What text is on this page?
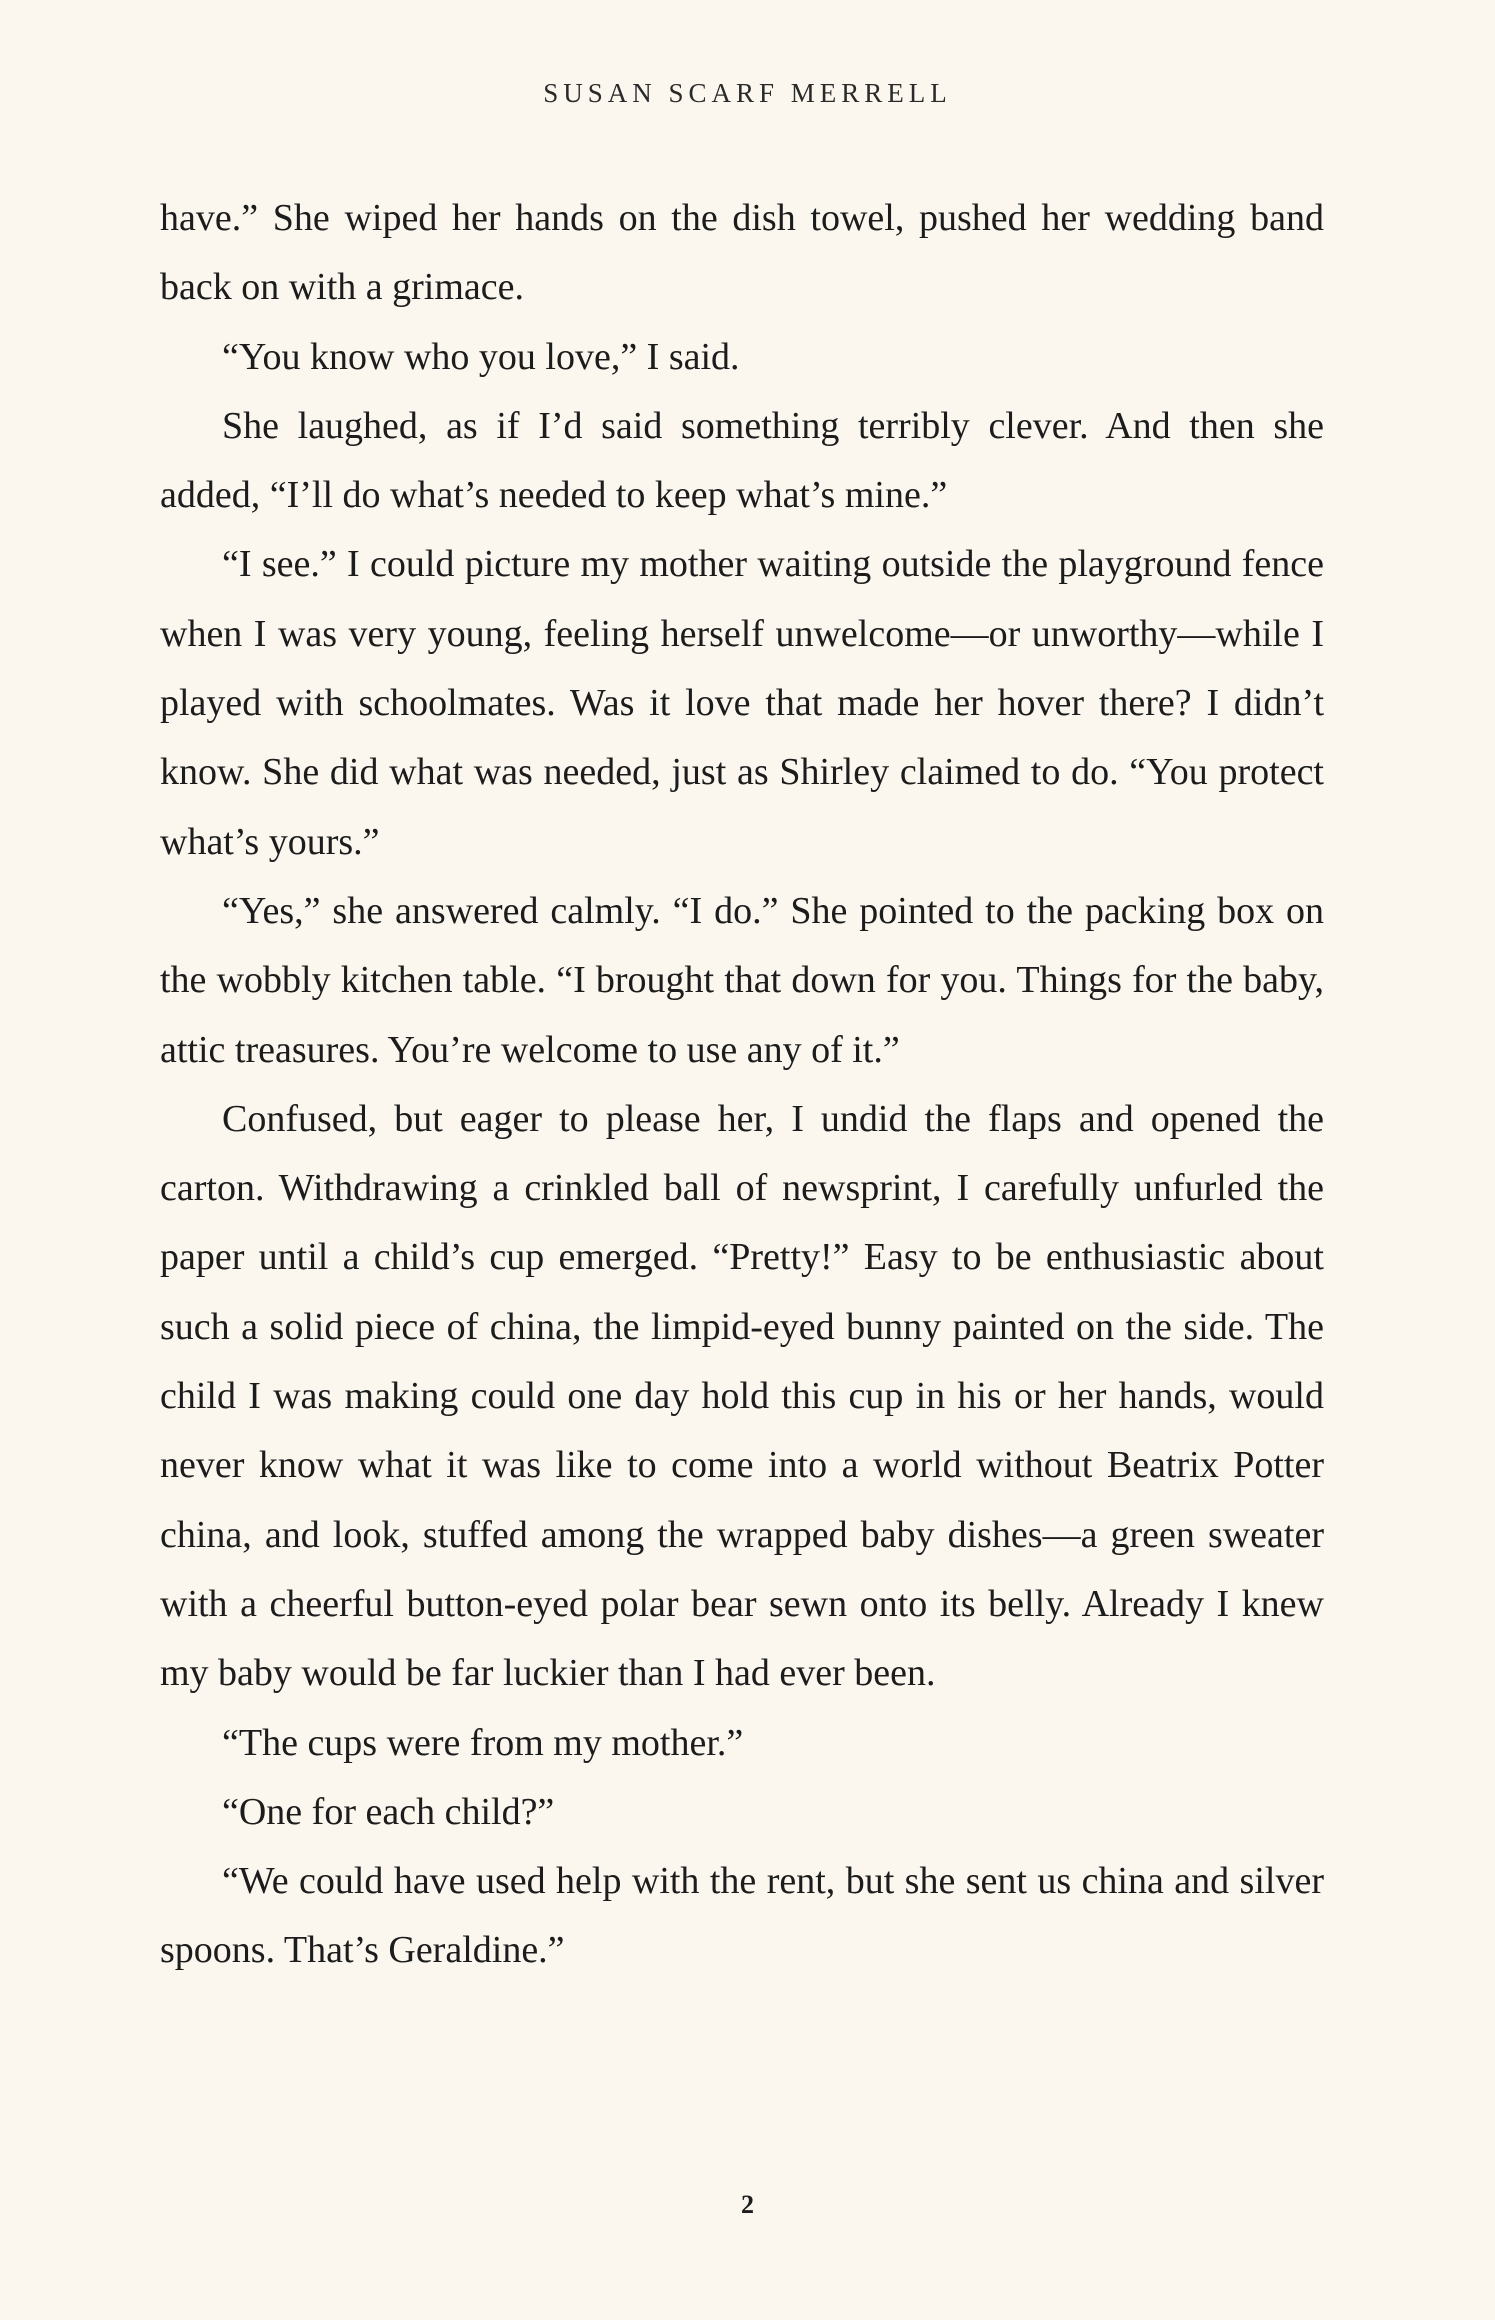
SUSAN SCARF MERRELL

have.” She wiped her hands on the dish towel, pushed her wedding band back on with a grimace.

“You know who you love,” I said.

She laughed, as if I’d said something terribly clever. And then she added, “I’ll do what’s needed to keep what’s mine.”

“I see.” I could picture my mother waiting outside the playground fence when I was very young, feeling herself unwelcome—or unworthy—while I played with schoolmates. Was it love that made her hover there? I didn’t know. She did what was needed, just as Shirley claimed to do. “You protect what’s yours.”

“Yes,” she answered calmly. “I do.” She pointed to the packing box on the wobbly kitchen table. “I brought that down for you. Things for the baby, attic treasures. You’re welcome to use any of it.”

Confused, but eager to please her, I undid the flaps and opened the carton. Withdrawing a crinkled ball of newsprint, I carefully unfurled the paper until a child’s cup emerged. “Pretty!” Easy to be enthusiastic about such a solid piece of china, the limpid-eyed bunny painted on the side. The child I was making could one day hold this cup in his or her hands, would never know what it was like to come into a world without Beatrix Potter china, and look, stuffed among the wrapped baby dishes—a green sweater with a cheerful button-eyed polar bear sewn onto its belly. Already I knew my baby would be far luckier than I had ever been.

“The cups were from my mother.”

“One for each child?”

“We could have used help with the rent, but she sent us china and silver spoons. That’s Geraldine.”

2
